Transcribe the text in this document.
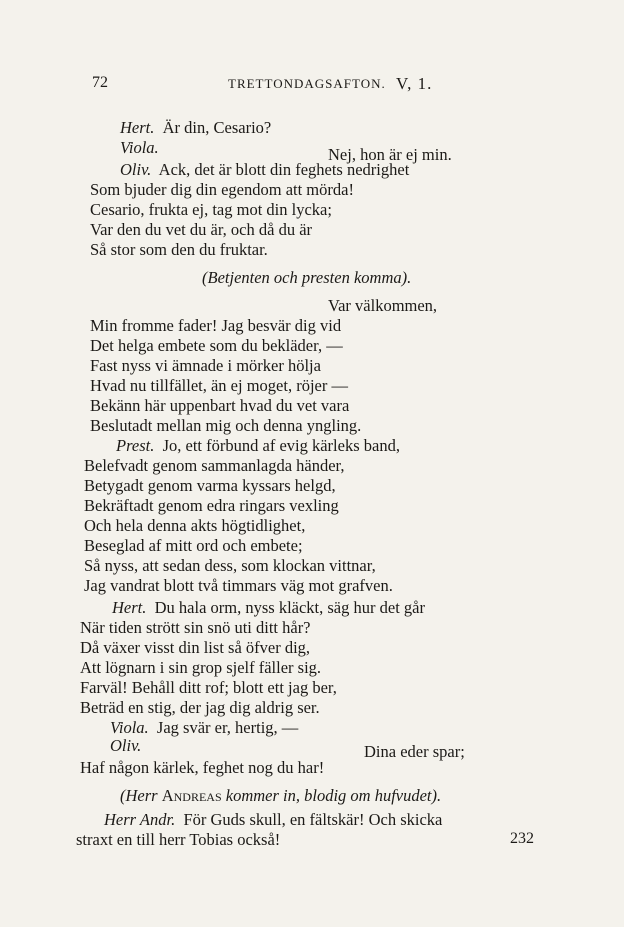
72	TRETTONDAGSAFTON. V, 1.
Hert. Är din, Cesario?
Viola.	Nej, hon är ej min.
Oliv. Ack, det är blott din feghets nedrighet
Som bjuder dig din egendom att mörda!
Cesario, frukta ej, tag mot din lycka;
Var den du vet du är, och då du är
Så stor som den du fruktar.
(Betjenten och presten komma).
Var välkommen,
Min fromme fader! Jag besvär dig vid
Det helga embete som du bekläder, —
Fast nyss vi ämnade i mörker hölja
Hvad nu tillfället, än ej moget, röjer —
Bekänn här uppenbart hvad du vet vara
Beslutadt mellan mig och denna yngling.
Prest. Jo, ett förbund af evig kärleks band,
Belefvadt genom sammanlagda händer,
Betygadt genom varma kyssars helgd,
Bekräftadt genom edra ringars vexling
Och hela denna akts högtidlighet,
Beseglad af mitt ord och embete;
Så nyss, att sedan dess, som klockan vittnar,
Jag vandrat blott två timmars väg mot grafven.
Hert. Du hala orm, nyss kläckt, säg hur det går
När tiden strött sin snö uti ditt hår?
Då växer visst din list så öfver dig,
Att lögnarn i sin grop sjelf fäller sig.
Farväl! Behåll ditt rof; blott ett jag ber,
Beträd en stig, der jag dig aldrig ser.
Viola. Jag svär er, hertig, —
Oliv.	Dina eder spar;
Haf någon kärlek, feghet nog du har!
(Herr Andreas kommer in, blodig om hufvudet).
Herr Andr. För Guds skull, en fältskär! Och skicka
straxt en till herr Tobias också!	232
